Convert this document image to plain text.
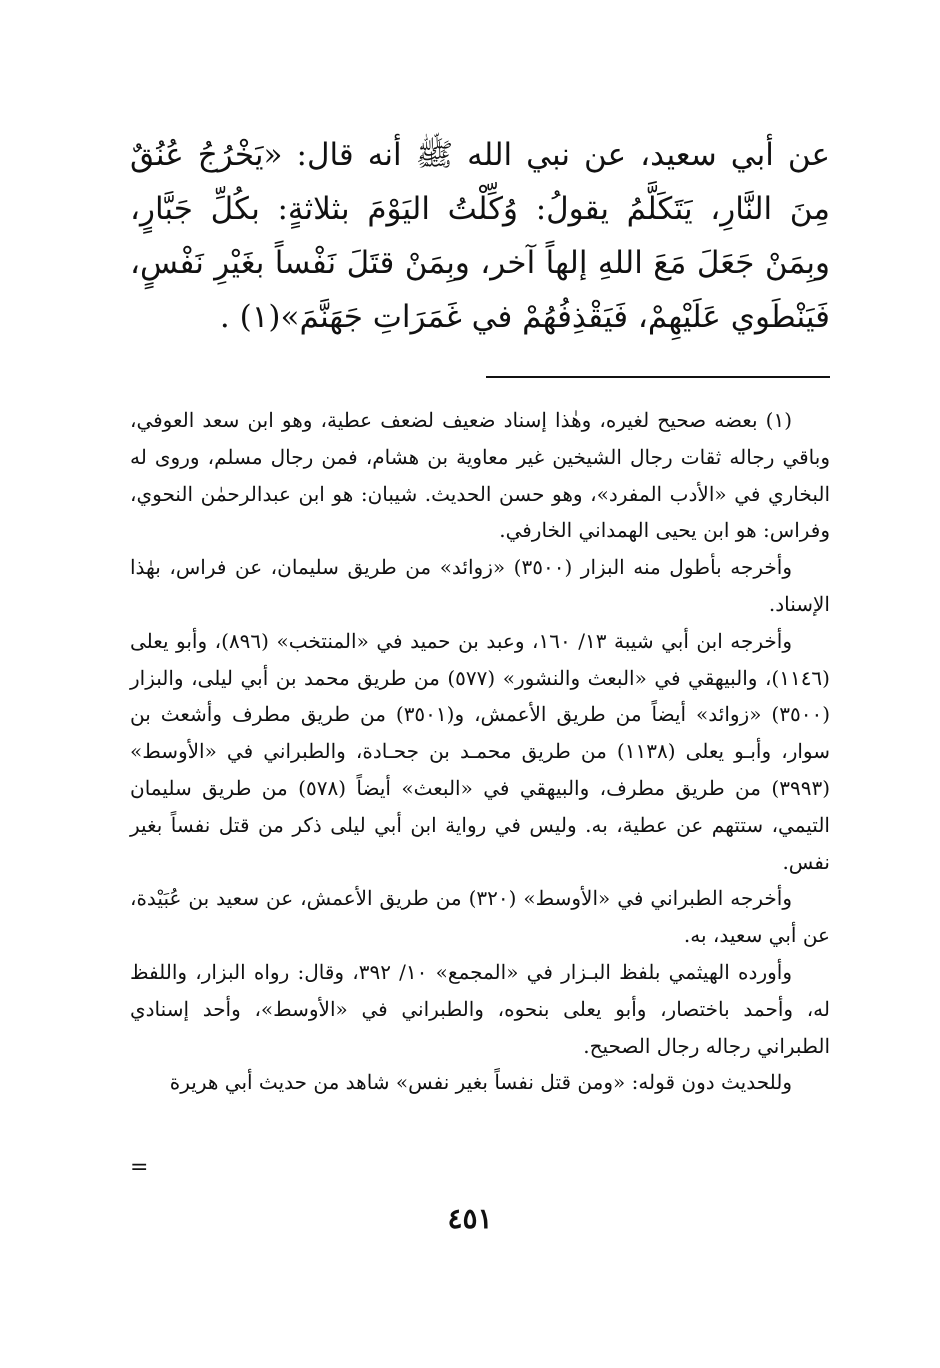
عن أبي سعيد، عن نبي الله ﷺ أنه قال: «يَخْرُجُ عُنُقٌ مِنَ النَّارِ، يَتَكَلَّمُ يقولُ: وُكِّلْتُ اليَوْمَ بثلاثةٍ: بكُلِّ جَبَّارٍ، وبِمَنْ جَعَلَ مَعَ اللهِ إلهاً آخر، وبِمَنْ قتَلَ نَفْساً بغَيْرِ نَفْسٍ، فَيَنْطَوي عَلَيْهِمْ، فَيَقْذِفُهُمْ في غَمَرَاتِ جَهَنَّمَ»(١) .

(١) بعضه صحيح لغيره، وهٰذا إسناد ضعيف لضعف عطية، وهو ابن سعد العوفي، وباقي رجاله ثقات رجال الشيخين غير معاوية بن هشام، فمن رجال مسلم، وروى له البخاري في «الأدب المفرد»، وهو حسن الحديث. شيبان: هو ابن عبدالرحمٰن النحوي، وفراس: هو ابن يحيى الهمداني الخارفي.

وأخرجه بأطول منه البزار (٣٥٠٠) «زوائد» من طريق سليمان، عن فراس، بهٰذا الإسناد.

وأخرجه ابن أبي شيبة ١٣/ ١٦٠، وعبد بن حميد في «المنتخب» (٨٩٦)، وأبو يعلى (١١٤٦)، والبيهقي في «البعث والنشور» (٥٧٧) من طريق محمد بن أبي ليلى، والبزار (٣٥٠٠) «زوائد» أيضاً من طريق الأعمش، و(٣٥٠١) من طريق مطرف وأشعث بن سوار، وأبـو يعلى (١١٣٨) من طريق محمـد بن جحـادة، والطبراني في «الأوسط» (٣٩٩٣) من طريق مطرف، والبيهقي في «البعث» أيضاً (٥٧٨) من طريق سليمان التيمي، ستتهم عن عطية، به. وليس في رواية ابن أبي ليلى ذكر من قتل نفساً بغير نفس.

وأخرجه الطبراني في «الأوسط» (٣٢٠) من طريق الأعمش، عن سعيد بن عُبَيْدة، عن أبي سعيد، به.

وأورده الهيثمي بلفظ البـزار في «المجمع» ١٠/ ٣٩٢، وقال: رواه البزار، واللفظ له، وأحمد باختصار، وأبو يعلى بنحوه، والطبراني في «الأوسط»، وأحد إسنادي الطبراني رجاله رجال الصحيح.

وللحديث دون قوله: «ومن قتل نفساً بغير نفس» شاهد من حديث أبي هريرة

=
٤٥١
